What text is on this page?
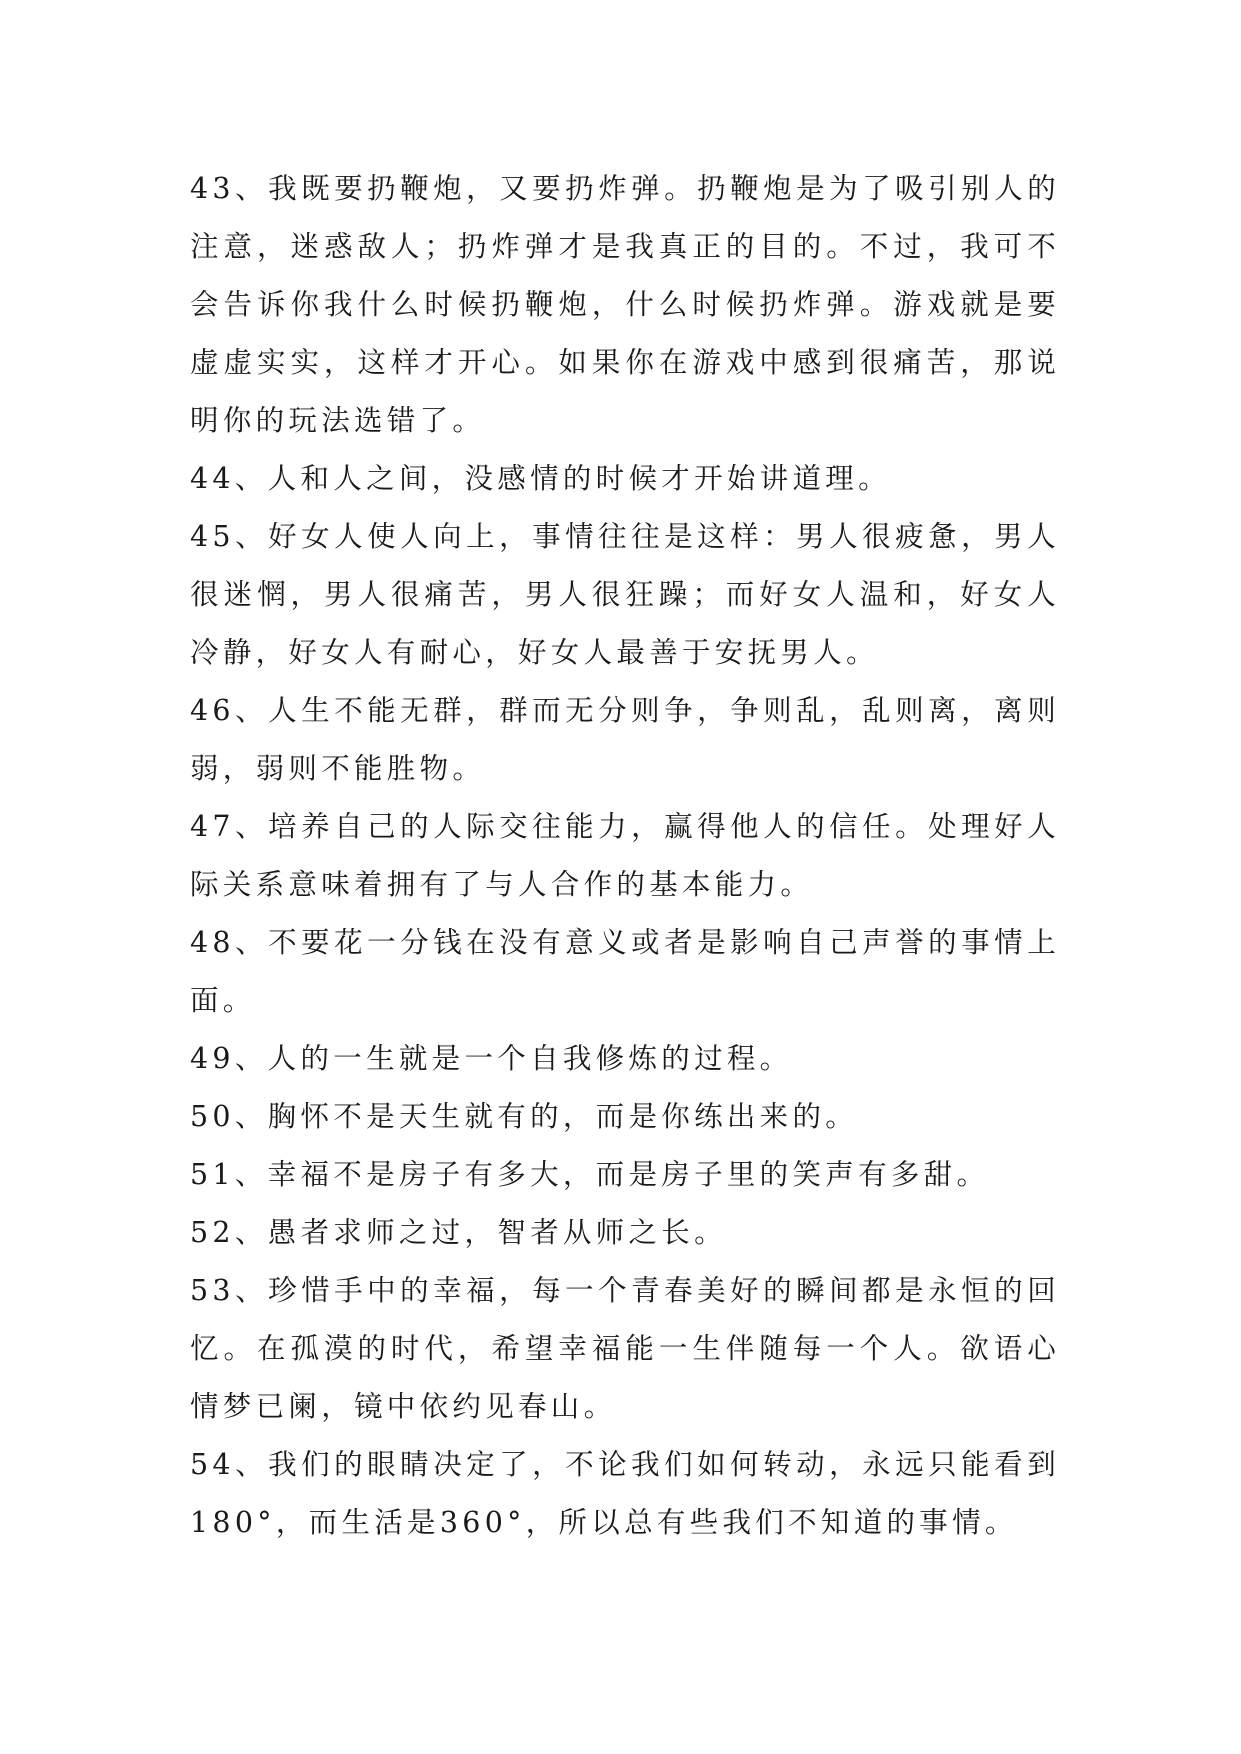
43、我既要扔鞭炮，又要扔炸弹。扔鞭炮是为了吸引别人的注意，迷惑敌人；扔炸弹才是我真正的目的。不过，我可不会告诉你我什么时候扔鞭炮，什么时候扔炸弹。游戏就是要虚虚实实，这样才开心。如果你在游戏中感到很痛苦，那说明你的玩法选错了。

44、人和人之间，没感情的时候才开始讲道理。

45、好女人使人向上，事情往往是这样：男人很疲惫，男人很迷惘，男人很痛苦，男人很狂躁；而好女人温和，好女人冷静，好女人有耐心，好女人最善于安抚男人。

46、人生不能无群，群而无分则争，争则乱，乱则离，离则弱，弱则不能胜物。

47、培养自己的人际交往能力，赢得他人的信任。处理好人际关系意味着拥有了与人合作的基本能力。

48、不要花一分钱在没有意义或者是影响自己声誉的事情上面。

49、人的一生就是一个自我修炼的过程。

50、胸怀不是天生就有的，而是你练出来的。

51、幸福不是房子有多大，而是房子里的笑声有多甜。

52、愚者求师之过，智者从师之长。

53、珍惜手中的幸福，每一个青春美好的瞬间都是永恒的回忆。在孤漠的时代，希望幸福能一生伴随每一个人。欲语心情梦已阑，镜中依约见春山。

54、我们的眼睛决定了，不论我们如何转动，永远只能看到180°，而生活是360°，所以总有些我们不知道的事情。
